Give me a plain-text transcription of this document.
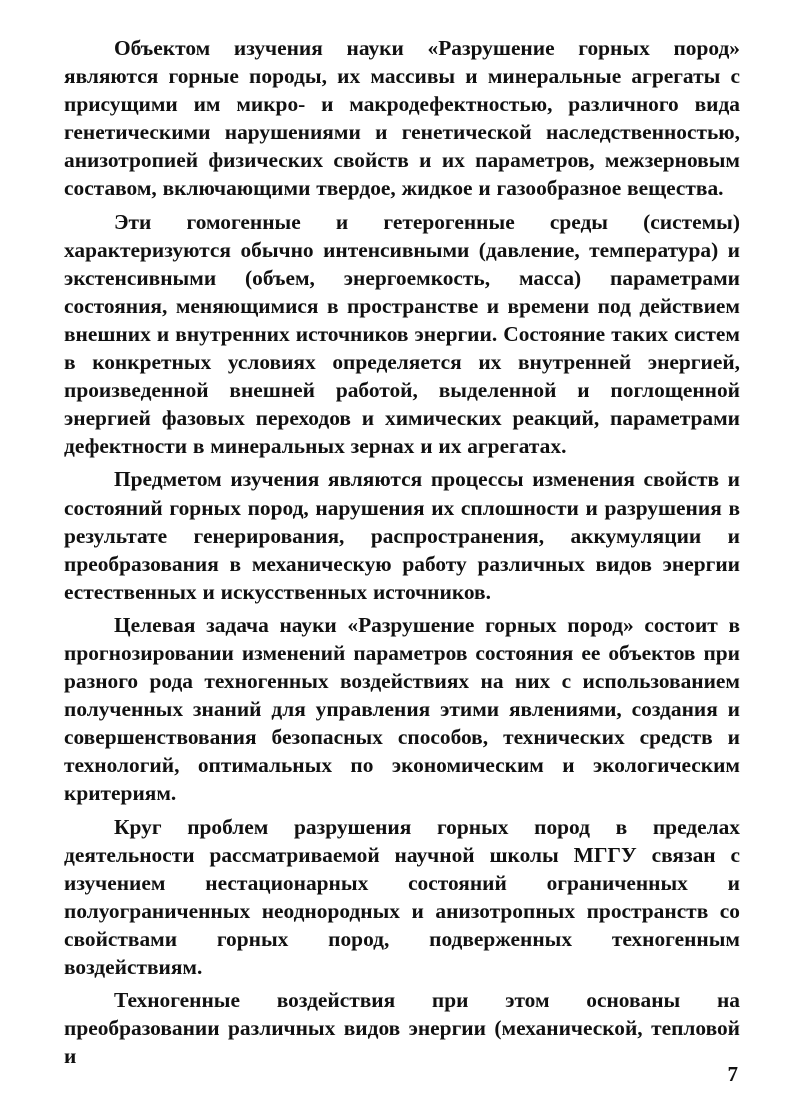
Объектом изучения науки «Разрушение горных пород» являются горные породы, их массивы и минеральные агрегаты с присущими им микро- и макродефектностью, различного вида генетическими нарушениями и генетической наследственностью, анизотропией физических свойств и их параметров, межзерновым составом, включающими твердое, жидкое и газообразное вещества.

Эти гомогенные и гетерогенные среды (системы) характеризуются обычно интенсивными (давление, температура) и экстенсивными (объем, энергоемкость, масса) параметрами состояния, меняющимися в пространстве и времени под действием внешних и внутренних источников энергии. Состояние таких систем в конкретных условиях определяется их внутренней энергией, произведенной внешней работой, выделенной и поглощенной энергией фазовых переходов и химических реакций, параметрами дефектности в минеральных зернах и их агрегатах.

Предметом изучения являются процессы изменения свойств и состояний горных пород, нарушения их сплошности и разрушения в результате генерирования, распространения, аккумуляции и преобразования в механическую работу различных видов энергии естественных и искусственных источников.

Целевая задача науки «Разрушение горных пород» состоит в прогнозировании изменений параметров состояния ее объектов при разного рода техногенных воздействиях на них с использованием полученных знаний для управления этими явлениями, создания и совершенствования безопасных способов, технических средств и технологий, оптимальных по экономическим и экологическим критериям.

Круг проблем разрушения горных пород в пределах деятельности рассматриваемой научной школы МГГУ связан с изучением нестационарных состояний ограниченных и полуограниченных неоднородных и анизотропных пространств со свойствами горных пород, подверженных техногенным воздействиям.

Техногенные воздействия при этом основаны на преобразовании различных видов энергии (механической, тепловой и

7
